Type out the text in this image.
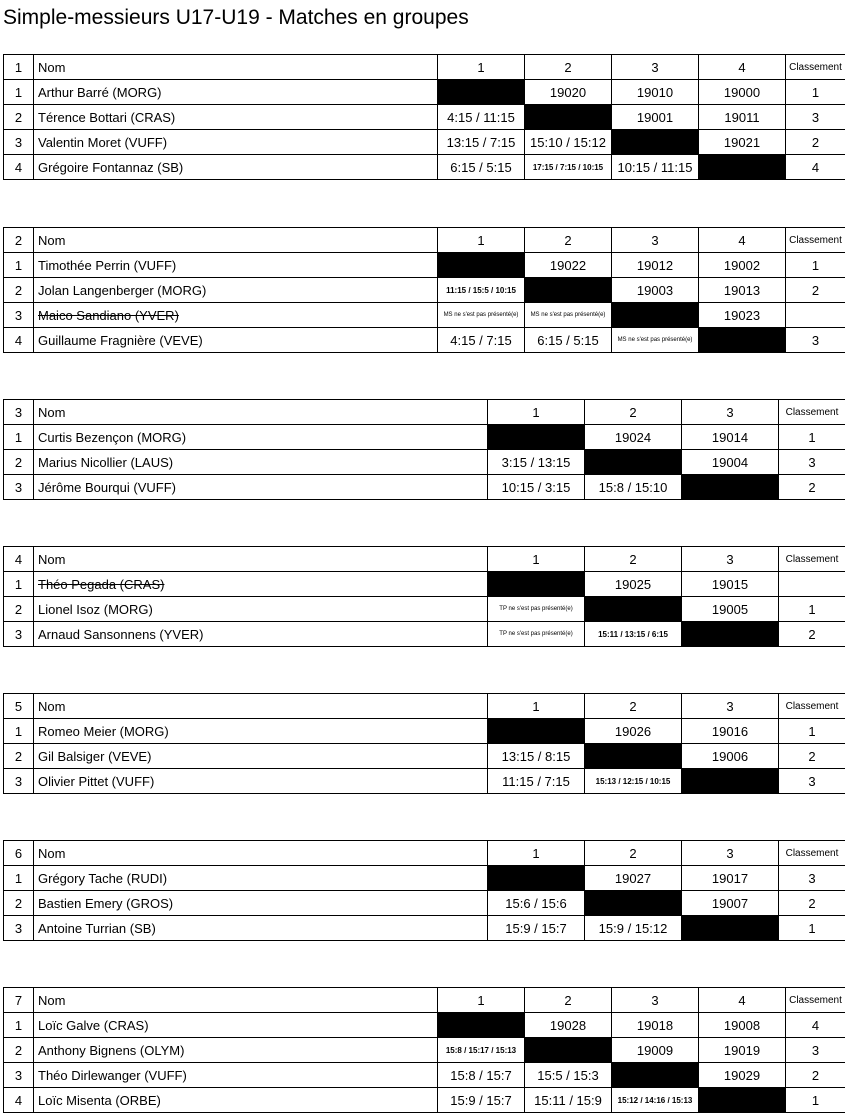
Simple-messieurs U17-U19 - Matches en groupes
1	Nom	1	2	3	4	Classement
1	Arthur Barré (MORG)		19020	19010	19000	1
2	Térence Bottari (CRAS)	4:15 / 11:15		19001	19011	3
3	Valentin Moret (VUFF)	13:15 / 7:15	15:10 / 15:12		19021	2
4	Grégoire Fontannaz (SB)	6:15 / 5:15	17:15 / 7:15 / 10:15	10:15 / 11:15		4
2	Nom	1	2	3	4	Classement
1	Timothée Perrin (VUFF)		19022	19012	19002	1
2	Jolan Langenberger (MORG)	11:15 / 15:5 / 10:15		19003	19013	2
3	Maico Sandiano (YVER)	MS ne s'est pas présenté(e)	MS ne s'est pas présenté(e)		19023	
4	Guillaume Fragnière (VEVE)	4:15 / 7:15	6:15 / 5:15	MS ne s'est pas présenté(e)		3
3	Nom	1	2	3	Classement
1	Curtis Bezençon (MORG)		19024	19014	1
2	Marius Nicollier (LAUS)	3:15 / 13:15		19004	3
3	Jérôme Bourqui (VUFF)	10:15 / 3:15	15:8 / 15:10		2
4	Nom	1	2	3	Classement
1	Théo Pegada (CRAS)		19025	19015	
2	Lionel Isoz (MORG)	TP ne s'est pas présenté(e)		19005	1
3	Arnaud Sansonnens (YVER)	TP ne s'est pas présenté(e)	15:11 / 13:15 / 6:15		2
5	Nom	1	2	3	Classement
1	Romeo Meier (MORG)		19026	19016	1
2	Gil Balsiger (VEVE)	13:15 / 8:15		19006	2
3	Olivier Pittet (VUFF)	11:15 / 7:15	15:13 / 12:15 / 10:15		3
6	Nom	1	2	3	Classement
1	Grégory Tache (RUDI)		19027	19017	3
2	Bastien Emery (GROS)	15:6 / 15:6		19007	2
3	Antoine Turrian (SB)	15:9 / 15:7	15:9 / 15:12		1
7	Nom	1	2	3	4	Classement
1	Loïc Galve (CRAS)		19028	19018	19008	4
2	Anthony Bignens (OLYM)	15:8 / 15:17 / 15:13		19009	19019	3
3	Théo Dirlewanger (VUFF)	15:8 / 15:7	15:5 / 15:3		19029	2
4	Loïc Misenta (ORBE)	15:9 / 15:7	15:11 / 15:9	15:12 / 14:16 / 15:13		1
